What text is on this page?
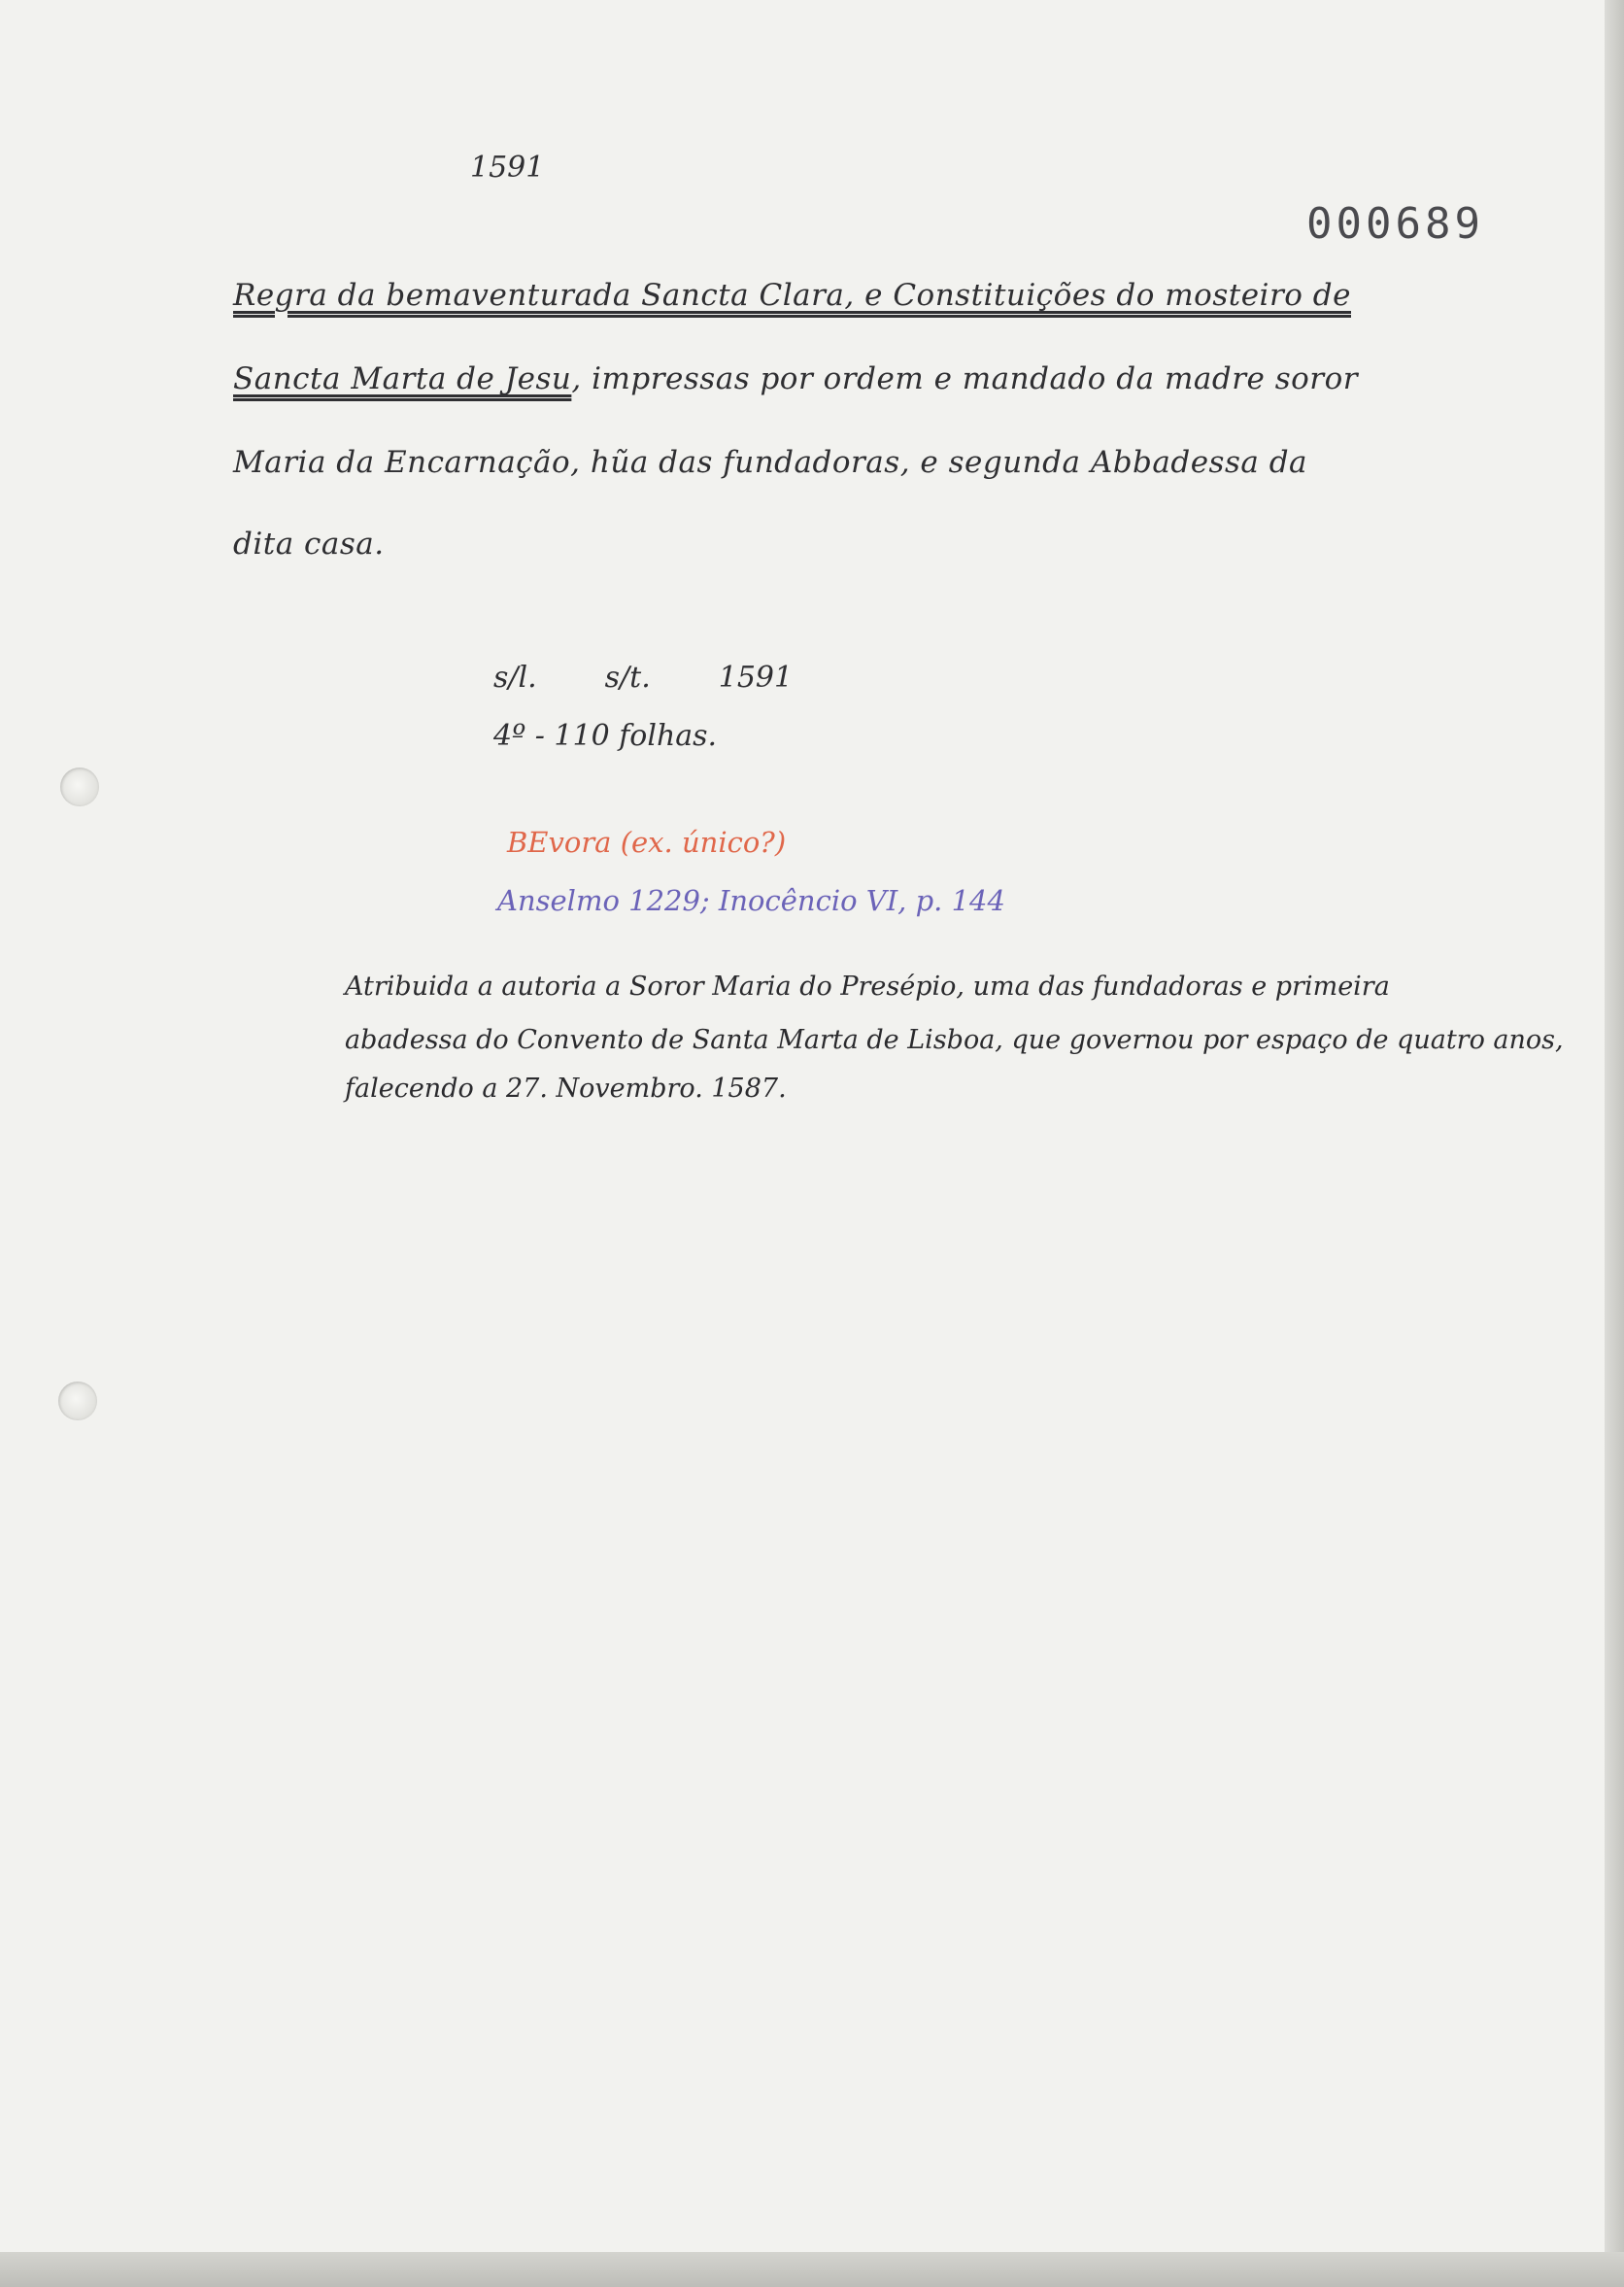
1591
000689
Regra da bemaventurada Sancta Clara, e Constituições do mosteiro de
Sancta Marta de Jesu, impressas por ordem e mandado da madre soror
Maria da Encarnação, hũa das fundadoras, e segunda Abbadessa da
dita casa.
s/l. s/t. 1591
4º - 110 folhas.
BEvora (ex. único?)
Anselmo 1229; Inocêncio VI, p. 144
Atribuida a autoria a Soror Maria do Presépio, uma das fundadoras e primeira
abadessa do Convento de Santa Marta de Lisboa, que governou por espaço de quatro anos,
falecendo a 27. Novembro. 1587.
